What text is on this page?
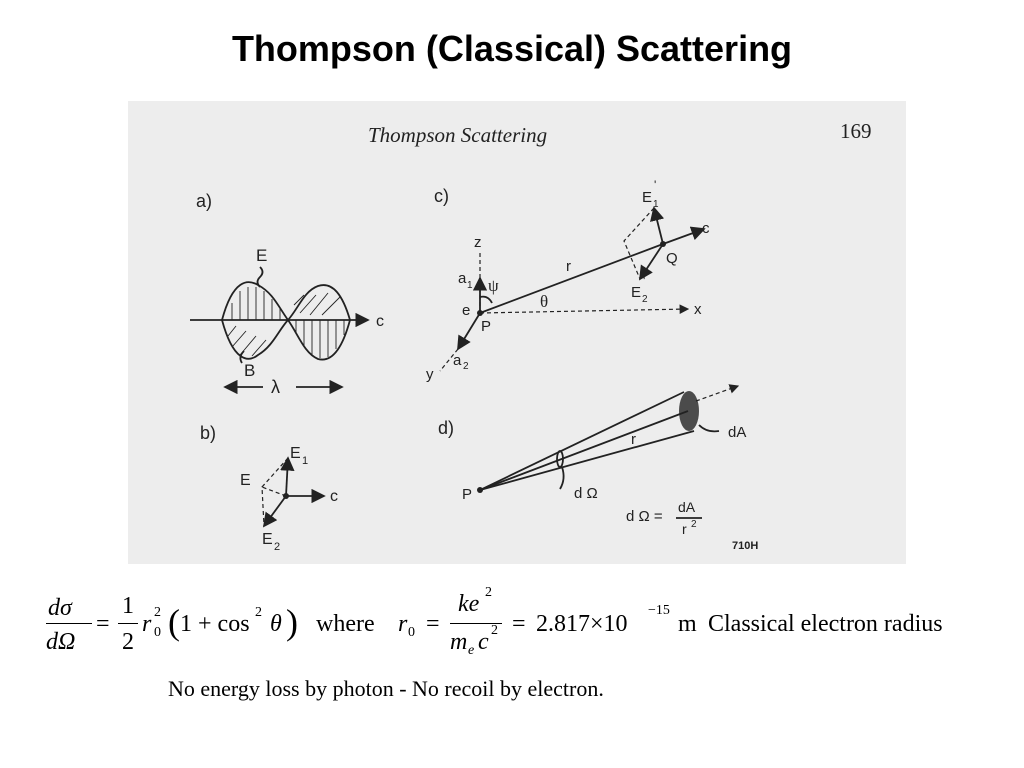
Thompson (Classical) Scattering
Thompson Scattering	169
a)
c
E
B
λ
b)
E
E 1
E 2
c
c)
z
a 1 ψ
x
r
θ
y
a 2
e
P
Q
c
E 1
'
E 2
'
d)
P
r
d Ω
dA
d Ω =
dA
r 2
710H
dσ
dΩ
=
1
2
r 2
0 ( 1 + cos 2 θ ) where r 0 =
ke 2
m e c 2 = 2.817×10
−15
m Classical electron radius
No energy loss by photon - No recoil by electron.
